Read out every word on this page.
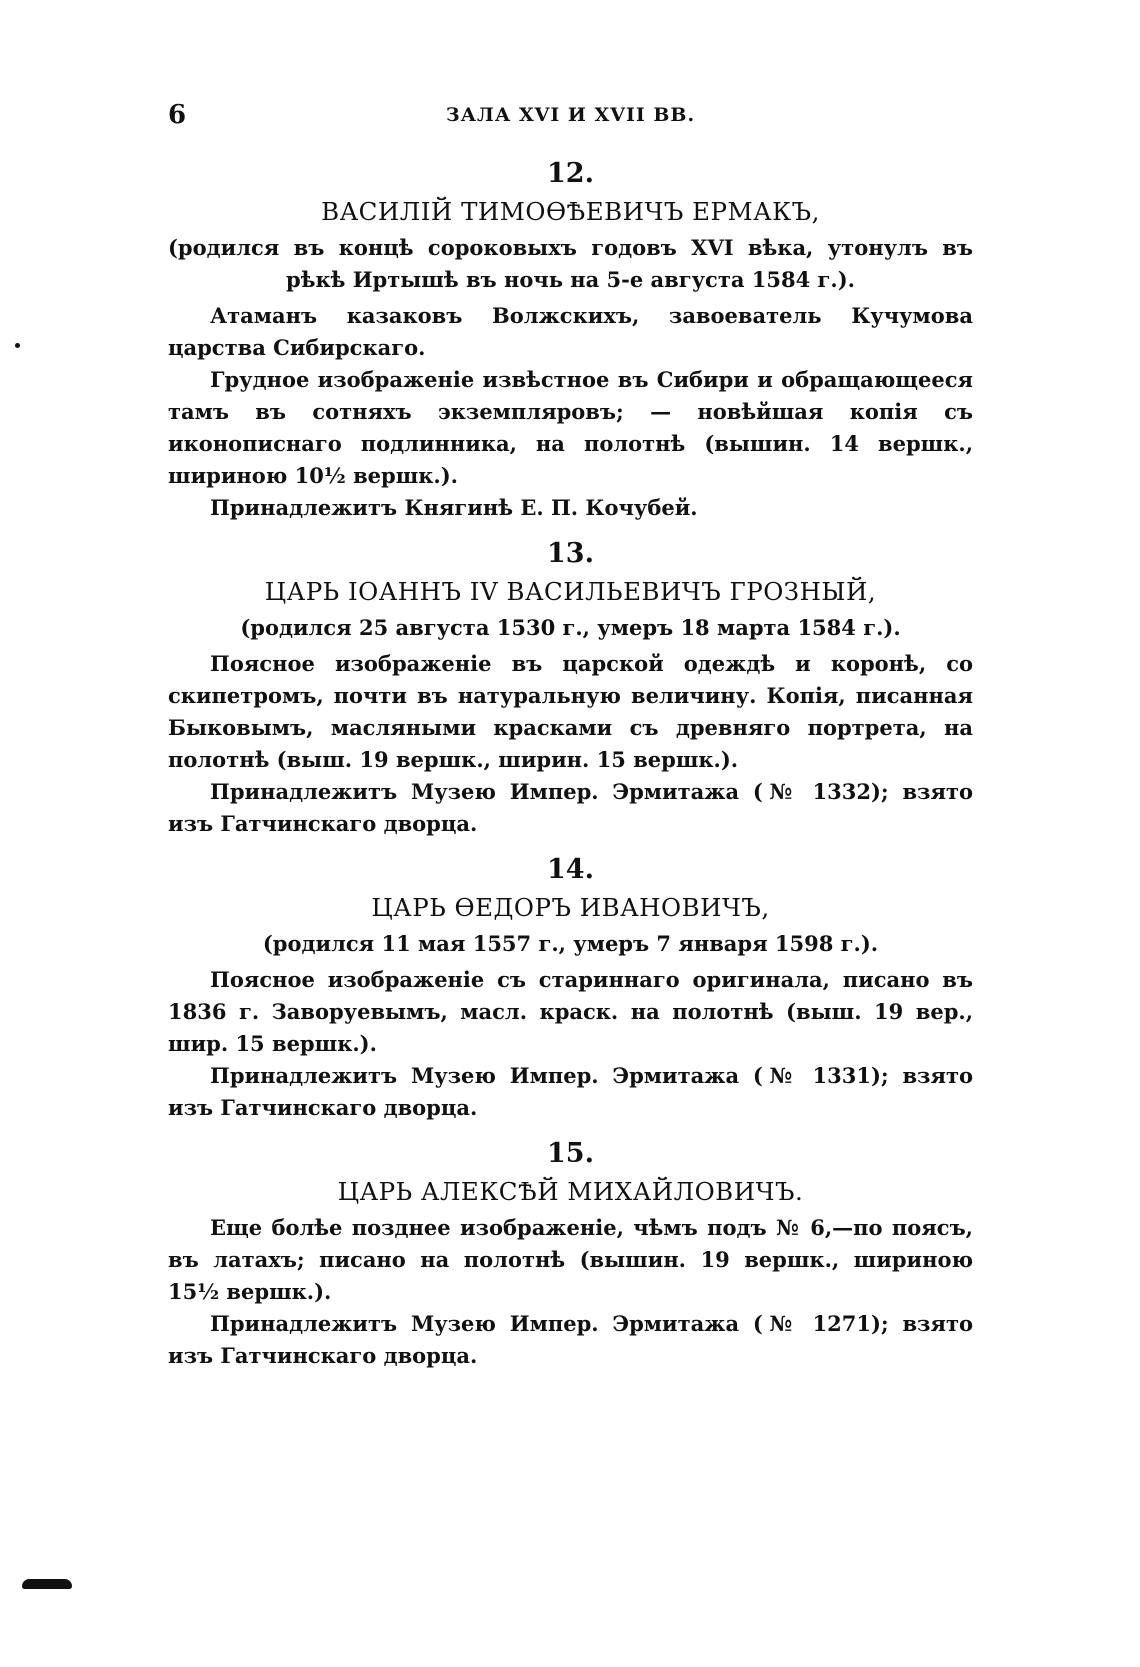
6	ЗАЛА XVI И XVII ВВ.
12.
ВАСИЛІЙ ТИМОѲѢЕВИЧЪ ЕРМАКЪ,

(родился въ концѣ сороковыхъ годовъ XVI вѣка, утонулъ въ рѣкѣ Иртышѣ въ ночь на 5-е августа 1584 г.).

Атаманъ казаковъ Волжскихъ, завоеватель Кучумова царства Сибирскаго.

Грудное изображеніе извѣстное въ Сибири и обращающееся тамъ въ сотняхъ экземпляровъ; — новѣйшая копія съ иконописнаго подлинника, на полотнѣ (вышин. 14 вершк., шириною 10½ вершк.).

Принадлежитъ Княгинѣ Е. П. Кочубей.

13.
ЦАРЬ ІОАННЪ IV ВАСИЛЬЕВИЧЪ ГРОЗНЫЙ,

(родился 25 августа 1530 г., умеръ 18 марта 1584 г.).

Поясное изображеніе въ царской одеждѣ и коронѣ, со скипетромъ, почти въ натуральную величину. Копія, писанная Быковымъ, масляными красками съ древняго портрета, на полотнѣ (выш. 19 вершк., ширин. 15 вершк.).

Принадлежитъ Музею Импер. Эрмитажа (№ 1332); взято изъ Гатчинскаго дворца.

14.
ЦАРЬ ѲЕДОРЪ ИВАНОВИЧЪ,

(родился 11 мая 1557 г., умеръ 7 января 1598 г.).

Поясное изображеніе съ стариннаго оригинала, писано въ 1836 г. Заворуевымъ, масл. краск. на полотнѣ (выш. 19 вер., шир. 15 вершк.).

Принадлежитъ Музею Импер. Эрмитажа (№ 1331); взято изъ Гатчинскаго дворца.

15.
ЦАРЬ АЛЕКСѢЙ МИХАЙЛОВИЧЪ.

Еще болѣе позднее изображеніе, чѣмъ подъ № 6,—по поясъ, въ латахъ; писано на полотнѣ (вышин. 19 вершк., шириною 15½ вершк.).

Принадлежитъ Музею Импер. Эрмитажа (№ 1271); взято изъ Гатчинскаго дворца.
